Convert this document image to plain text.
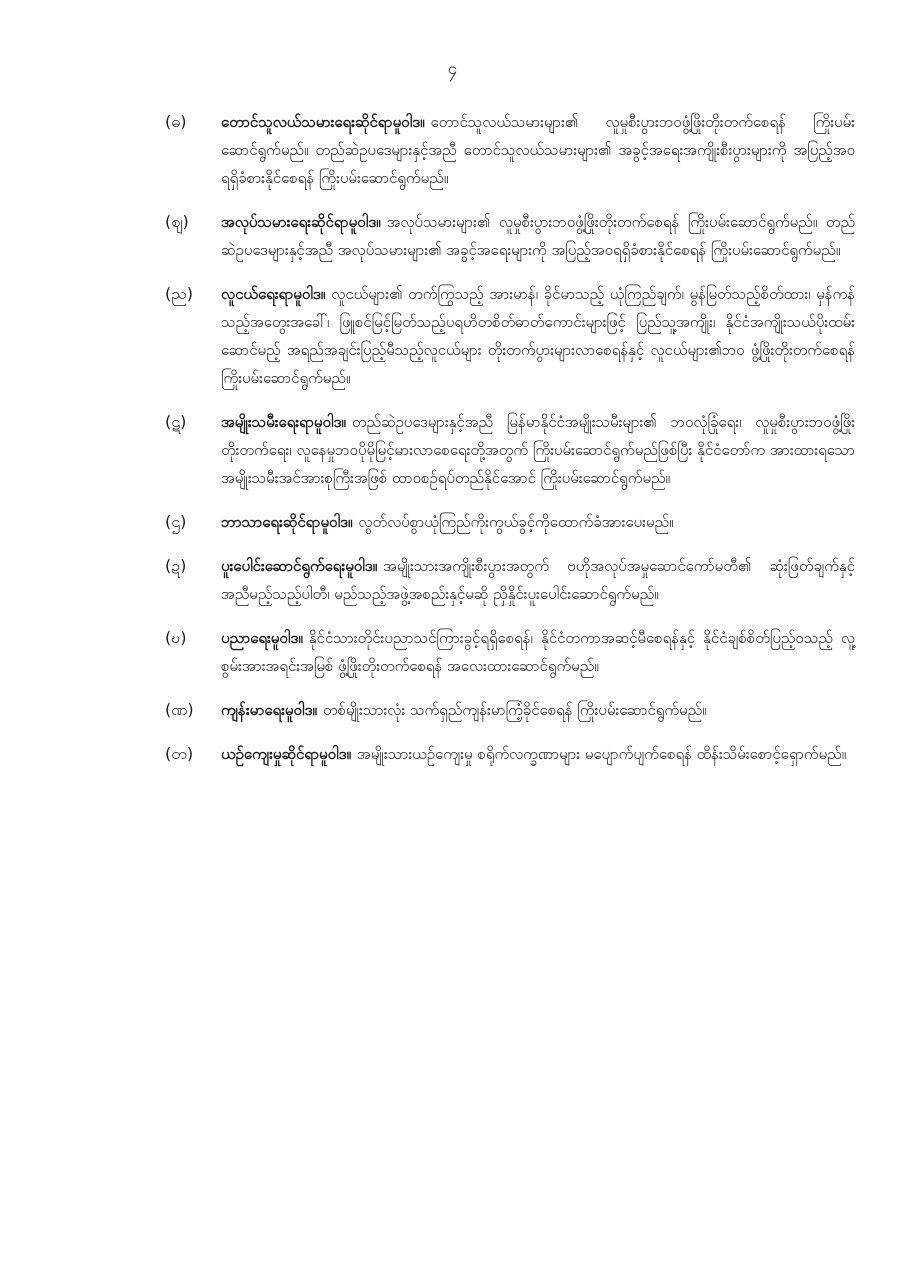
၄
(ဓ)	တောင်သူလယ်သမားရေးဆိုင်ရာမူဝါဒ။ တောင်သူလယ်သမားများ၏ လူမှုစီးပွားဘဝဖွံ့ဖြိုးတိုးတက်စေရန် ကြိုးပမ်းဆောင်ရွက်မည်။ တည်ဆဲဥပဒေများနှင့်အညီ တောင်သူလယ်သမားများ၏ အခွင့်အရေးအကျိုးစီးပွားများကို အပြည့်အဝရရှိခံစားနိုင်စေရန် ကြိုးပမ်းဆောင်ရွက်မည်။
(ဈ)	အလုပ်သမားရေးဆိုင်ရာမူဝါဒ။ အလုပ်သမားများ၏ လူမှုစီးပွားဘဝဖွံ့ဖြိုးတိုးတက်စေရန် ကြိုးပမ်းဆောင်ရွက်မည်။ တည်ဆဲဥပဒေများနှင့်အညီ အလုပ်သမားများ၏ အခွင့်အရေးများကို အပြည့်အဝရရှိခံစားနိုင်စေရန် ကြိုးပမ်းဆောင်ရွက်မည်။
(ည)	လူငယ်ရေးရာမူဝါဒ။ လူငယ်များ၏ တက်ကြွသည့် အားမာန်၊ ခိုင်မာသည့် ယုံကြည်ချက်၊ မွန်မြတ်သည့်စိတ်ထား၊ မှန်ကန်သည့်အတွေးအခေါ်၊ ဖြူစင်မြင့်မြတ်သည့်ပရဟိတစိတ်ဓာတ်ကောင်းများဖြင့် ပြည်သူ့အကျိုး၊ နိုင်ငံအကျိုးသယ်ပိုးထမ်းဆောင်မည့် အရည်အချင်းပြည့်မီသည့်လူငယ်များ တိုးတက်ပွားများလာစေရန်နှင့် လူငယ်များ၏ဘဝ ဖွံ့ဖြိုးတိုးတက်စေရန် ကြိုးပမ်းဆောင်ရွက်မည်။
(ဋ)	အမျိုးသမီးရေးရာမူဝါဒ။ တည်ဆဲဥပဒေများနှင့်အညီ မြန်မာနိုင်ငံအမျိုးသမီးများ၏ ဘဝလုံခြုံရေး၊ လူမှုစီးပွားဘဝဖွံ့ဖြိုးတိုးတက်ရေး၊ လူနေမှုဘဝပိုမိုမြင့်မားလာစေရေးတို့အတွက် ကြိုးပမ်းဆောင်ရွက်မည်ဖြစ်ပြီး နိုင်ငံတော်က အားထားရသော အမျိုးသမီးအင်အားစုကြီးအဖြစ် ထာဝစဉ်ရပ်တည်နိုင်အောင် ကြိုးပမ်းဆောင်ရွက်မည်။
(ဌ)	ဘာသာရေးဆိုင်ရာမူဝါဒ။ လွတ်လပ်စွာယုံကြည်ကိုးကွယ်ခွင့်ကိုထောက်ခံအားပေးမည်။
(ဍ)	ပူးပေါင်းဆောင်ရွက်ရေးမူဝါဒ။ အမျိုးသားအကျိုးစီးပွားအတွက် ဗဟိုအလုပ်အမှုဆောင်ကော်မတီ၏ ဆုံးဖြတ်ချက်နှင့်အညီမည့်သည့်ပါတီ၊ မည်သည့်အဖွဲ့အစည်းနှင့်မဆို ညှိနှိုင်းပူးပေါင်းဆောင်ရွက်မည်။
(ဎ)	ပညာရေးမူဝါဒ။ နိုင်ငံသားတိုင်းပညာသင်ကြားခွင့်ရရှိစေရန်၊ နိုင်ငံတကာအဆင့်မီစေရန်နှင့် နိုင်ငံချစ်စိတ်ပြည့်ဝသည့် လူ့စွမ်းအားအရင်းအမြစ် ဖွံ့ဖြိုးတိုးတက်စေရန် အလေးထားဆောင်ရွက်မည်။
(ဏ)	ကျန်းမာရေးမူဝါဒ။ တစ်မျိုးသားလုံး သက်ရှည်ကျန်းမာကြံ့ခိုင်စေရန် ကြိုးပမ်းဆောင်ရွက်မည်။
(တ)	ယဉ်ကျေးမှုဆိုင်ရာမူဝါဒ။ အမျိုးသားယဉ်ကျေးမှု စရိုက်လက္ခဏာများ မပျောက်ပျက်စေရန် ထိန်းသိမ်းစောင့်ရှောက်မည်။
